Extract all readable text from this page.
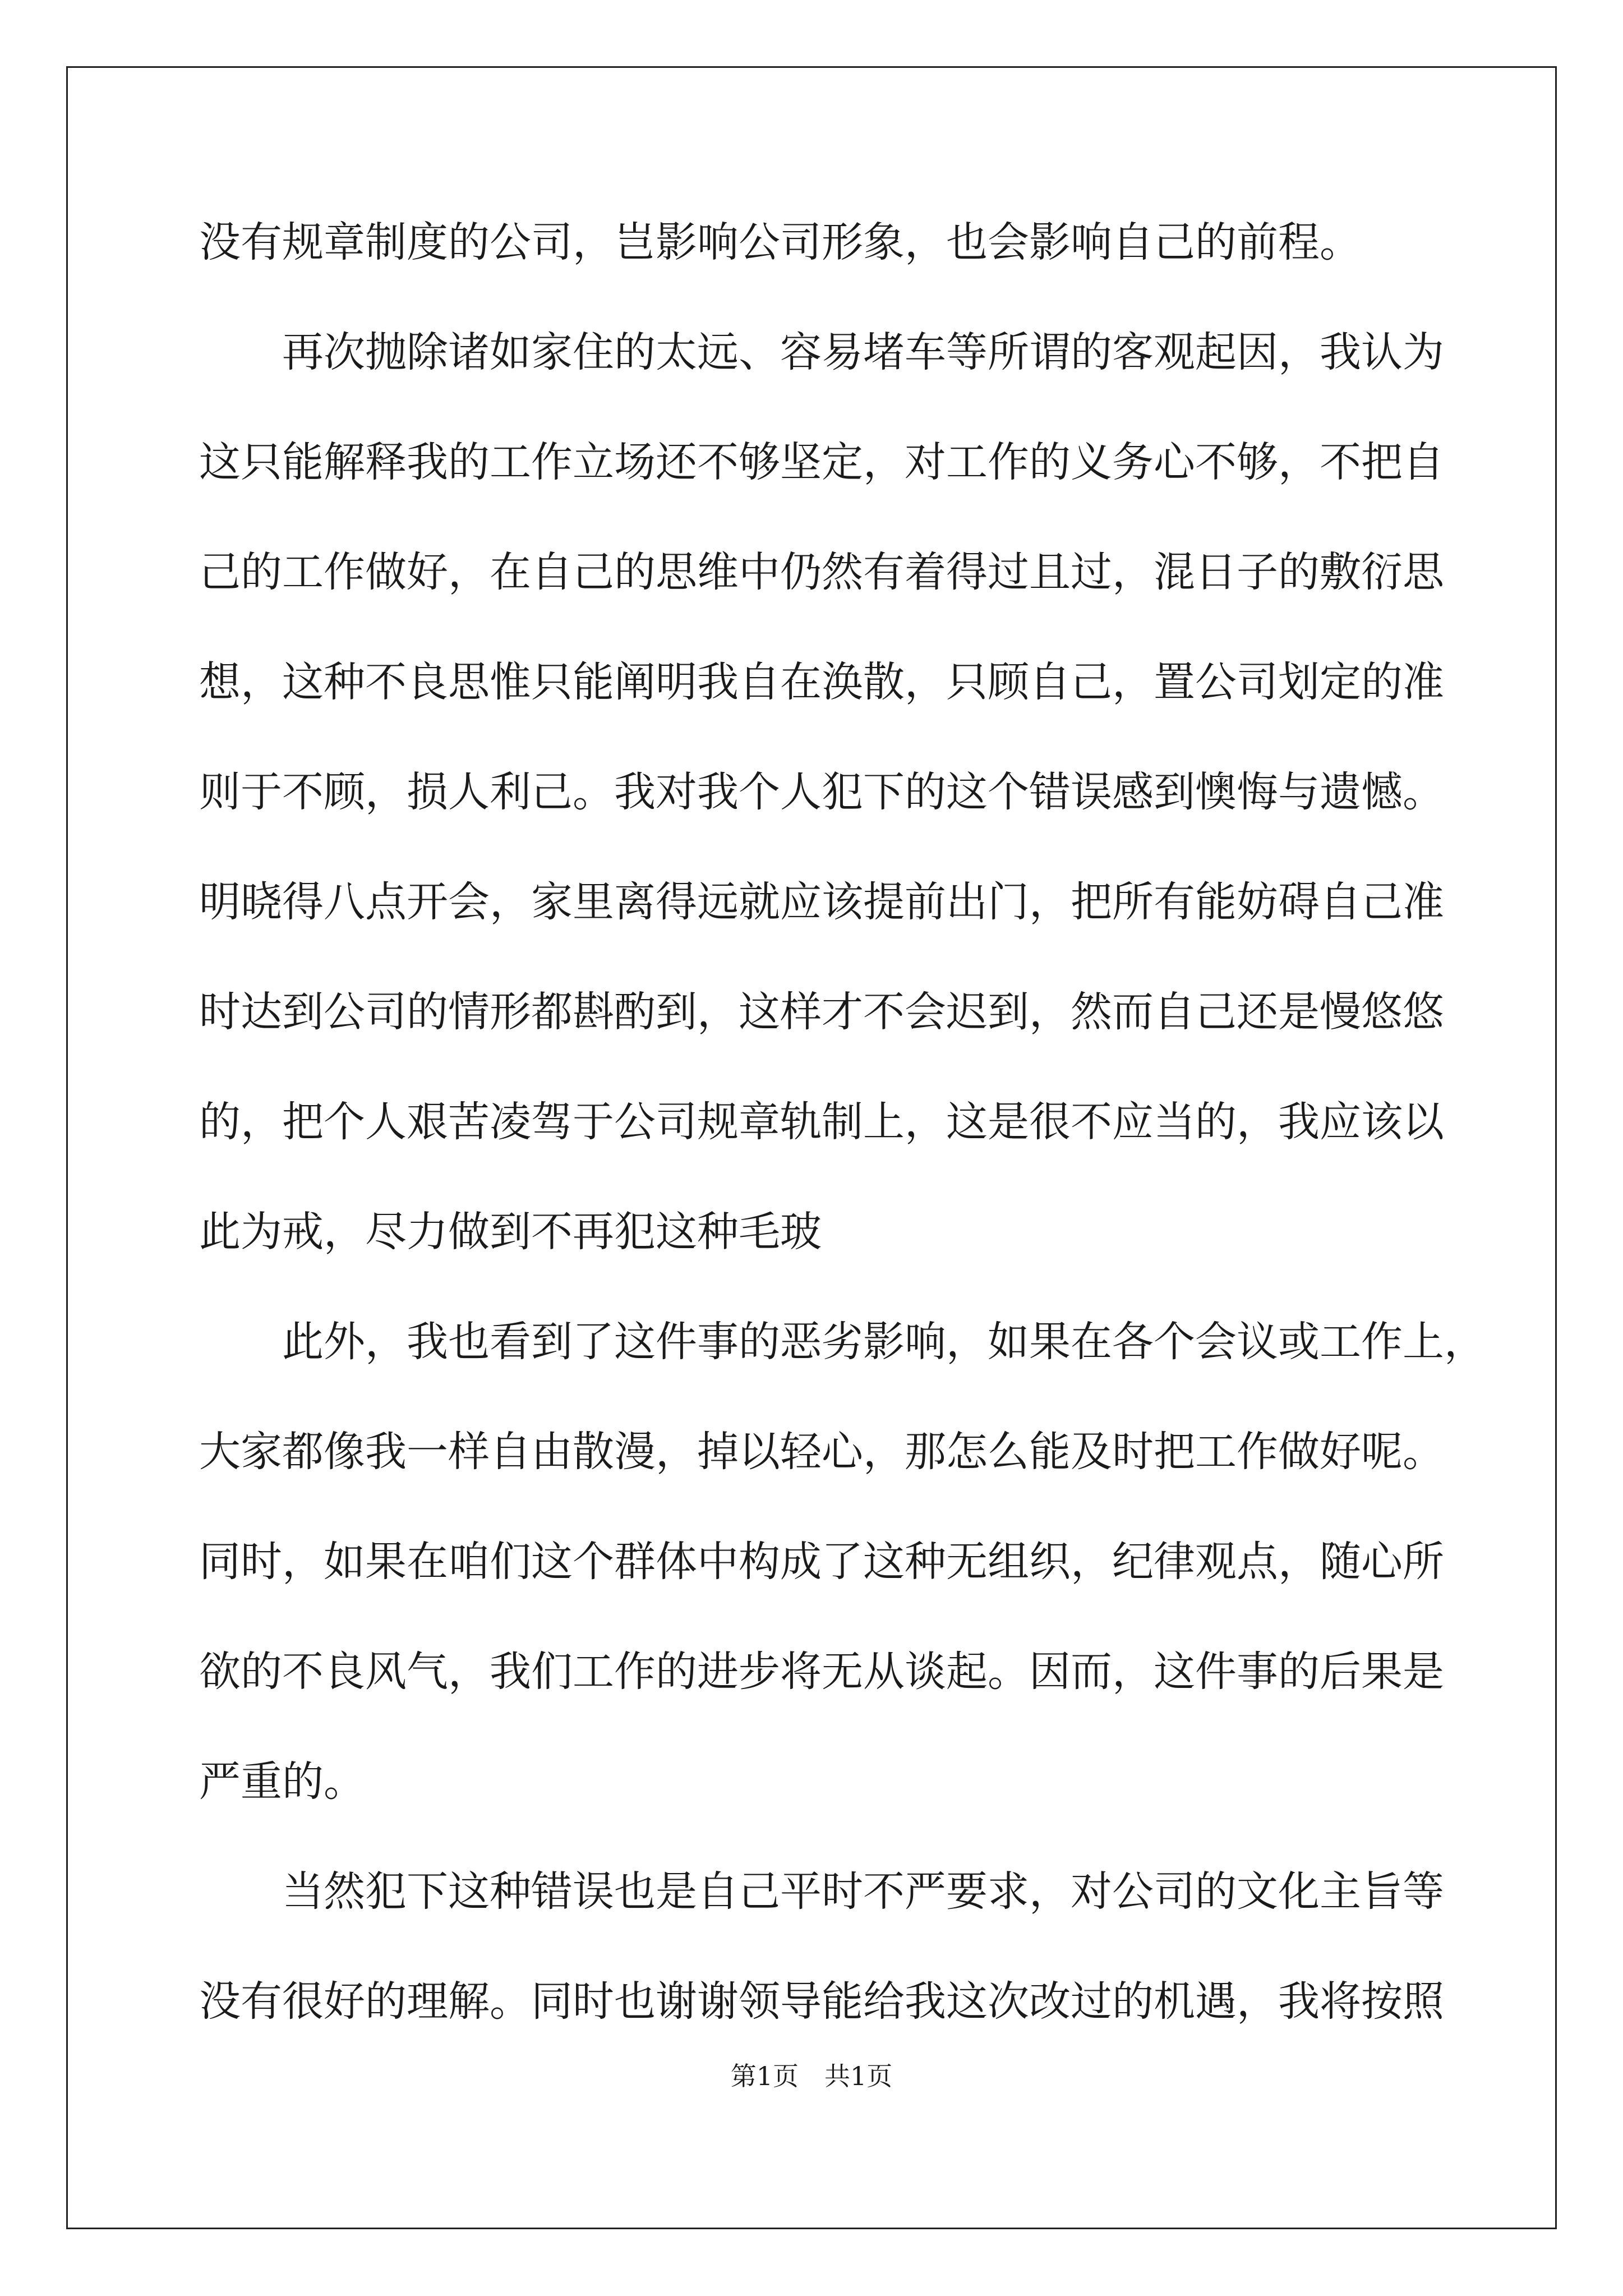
没有规章制度的公司，岂影响公司形象，也会影响自己的前程。
再次抛除诸如家住的太远、容易堵车等所谓的客观起因，我认为
这只能解释我的工作立场还不够坚定，对工作的义务心不够，不把自
己的工作做好，在自己的思维中仍然有着得过且过，混日子的敷衍思
想，这种不良思惟只能阐明我自在涣散，只顾自己，置公司划定的准
则于不顾，损人利己。我对我个人犯下的这个错误感到懊悔与遗憾。
明晓得八点开会，家里离得远就应该提前出门，把所有能妨碍自己准
时达到公司的情形都斟酌到，这样才不会迟到，然而自己还是慢悠悠
的，把个人艰苦凌驾于公司规章轨制上，这是很不应当的，我应该以
此为戒，尽力做到不再犯这种毛玻
此外，我也看到了这件事的恶劣影响，如果在各个会议或工作上，
大家都像我一样自由散漫，掉以轻心，那怎么能及时把工作做好呢。
同时，如果在咱们这个群体中构成了这种无组织，纪律观点，随心所
欲的不良风气，我们工作的进步将无从谈起。因而，这件事的后果是
严重的。
当然犯下这种错误也是自己平时不严要求，对公司的文化主旨等
没有很好的理解。同时也谢谢领导能给我这次改过的机遇，我将按照
第1页　共1页
